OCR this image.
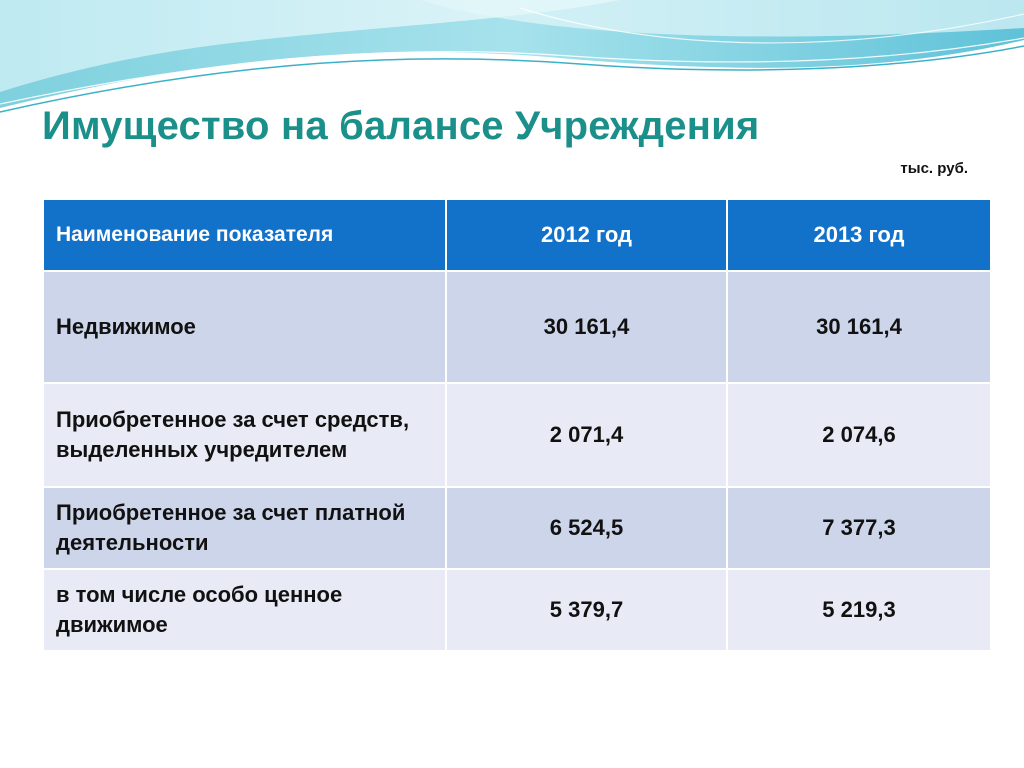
Имущество на балансе Учреждения
тыс. руб.
Наименование показателя	2012 год	2013 год
Недвижимое	30 161,4	30 161,4
Приобретенное за счет средств, выделенных учредителем	2 071,4	2 074,6
Приобретенное за счет платной деятельности	6 524,5	7 377,3
в том числе особо ценное движимое	5 379,7	5 219,3
